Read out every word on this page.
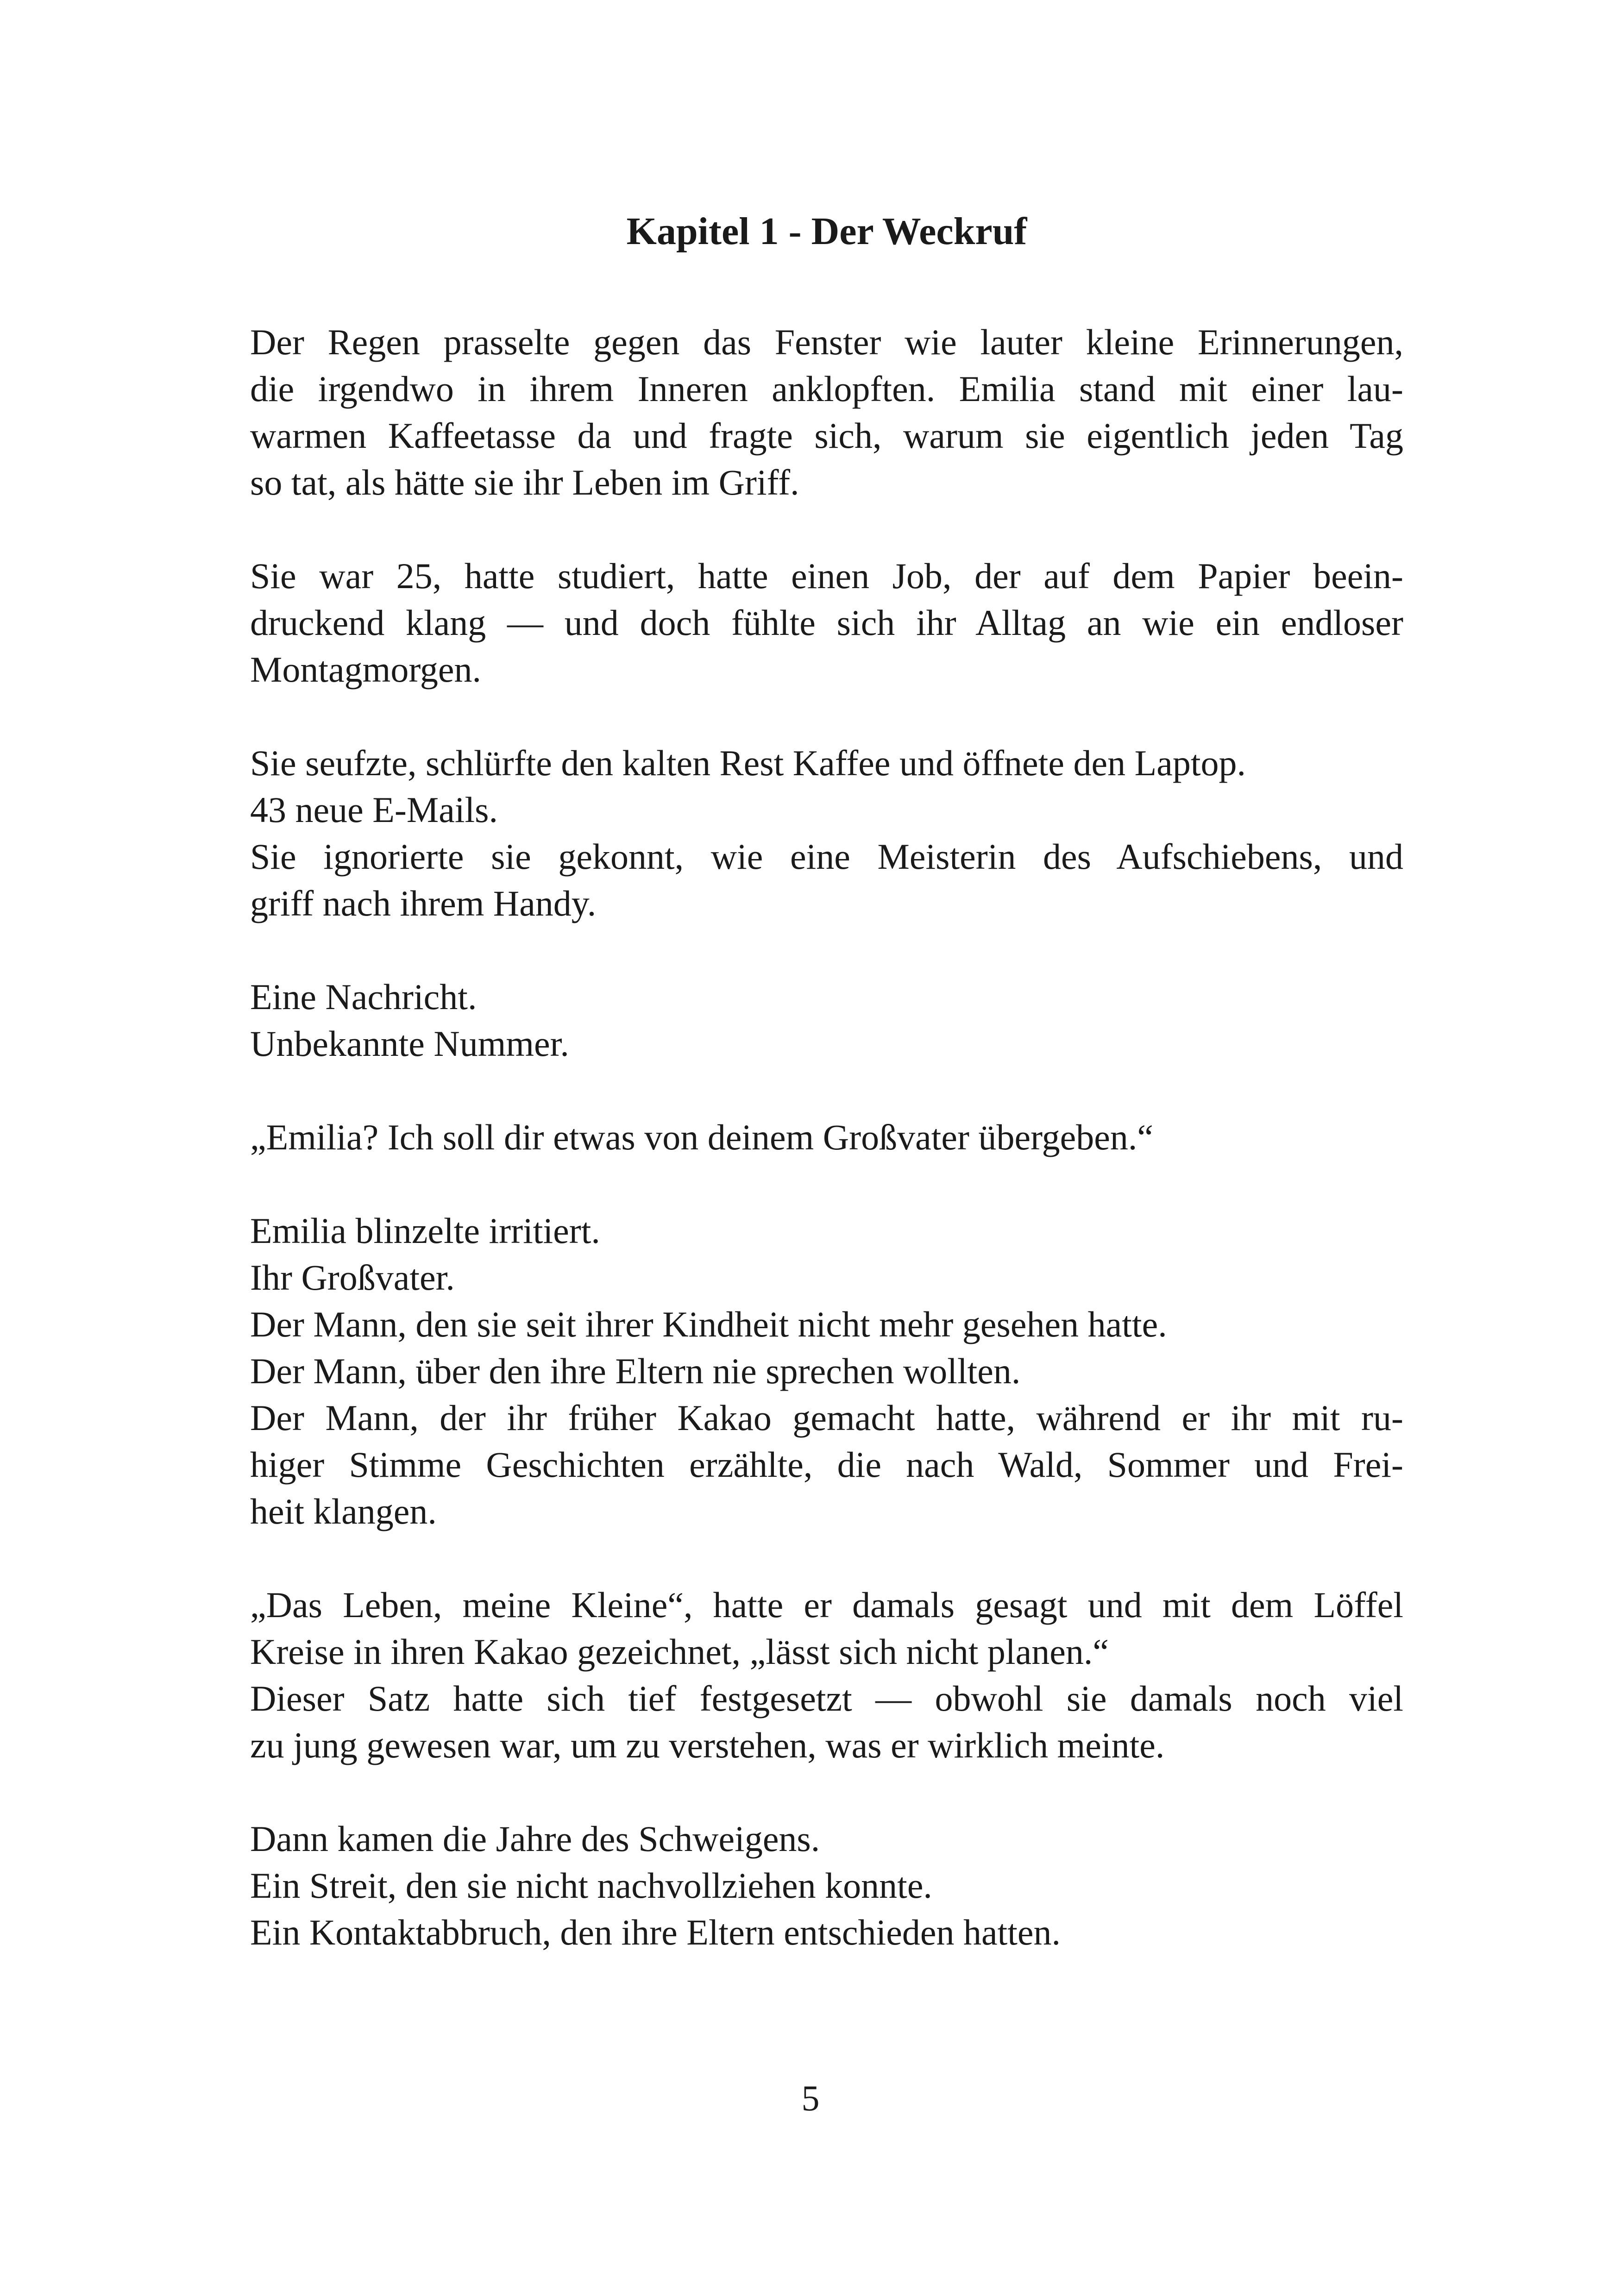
Kapitel 1 - Der Weckruf

Der Regen prasselte gegen das Fenster wie lauter kleine Erinnerungen,
die irgendwo in ihrem Inneren anklopften. Emilia stand mit einer lau-
warmen Kaffeetasse da und fragte sich, warum sie eigentlich jeden Tag
so tat, als hätte sie ihr Leben im Griff.

Sie war 25, hatte studiert, hatte einen Job, der auf dem Papier beein-
druckend klang — und doch fühlte sich ihr Alltag an wie ein endloser
Montagmorgen.

Sie seufzte, schlürfte den kalten Rest Kaffee und öffnete den Laptop.
43 neue E-Mails.
Sie ignorierte sie gekonnt, wie eine Meisterin des Aufschiebens, und
griff nach ihrem Handy.

Eine Nachricht.
Unbekannte Nummer.

„Emilia? Ich soll dir etwas von deinem Großvater übergeben.“

Emilia blinzelte irritiert.
Ihr Großvater.
Der Mann, den sie seit ihrer Kindheit nicht mehr gesehen hatte.
Der Mann, über den ihre Eltern nie sprechen wollten.
Der Mann, der ihr früher Kakao gemacht hatte, während er ihr mit ru-
higer Stimme Geschichten erzählte, die nach Wald, Sommer und Frei-
heit klangen.

„Das Leben, meine Kleine“, hatte er damals gesagt und mit dem Löffel
Kreise in ihren Kakao gezeichnet, „lässt sich nicht planen.“
Dieser Satz hatte sich tief festgesetzt — obwohl sie damals noch viel
zu jung gewesen war, um zu verstehen, was er wirklich meinte.

Dann kamen die Jahre des Schweigens.
Ein Streit, den sie nicht nachvollziehen konnte.
Ein Kontaktabbruch, den ihre Eltern entschieden hatten.

5
